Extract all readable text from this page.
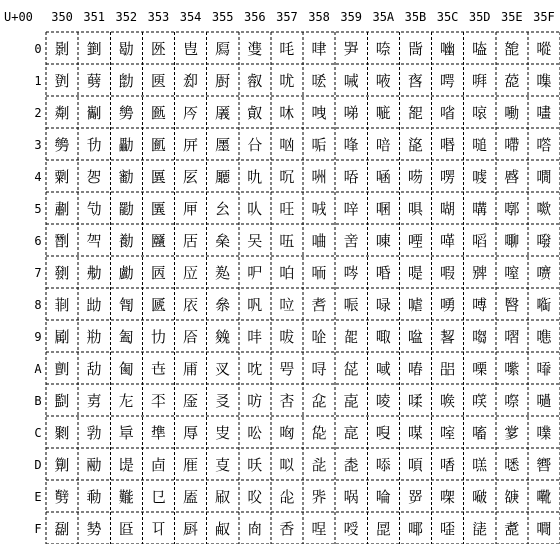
U+00 350 351 352 353 354 355 356 357 358 359 35A 35B 35C 35D 35E 35F
0
1
2
3
4
5
6
7
8
9
A
B
C
D
E
F
㔀
㔁
㔂
㔃
㔄
㔅
㔆
㔇
㔈
㔉
㔊
㔋
㔌
㔍
㔎
㔏
㔐
㔑
㔒
㔓
㔔
㔕
㔖
㔗
㔘
㔙
㔚
㔛
㔜
㔝
㔞
㔟
㔠
㔡
㔢
㔣
㔤
㔥
㔦
㔧
㔨
㔩
㔪
㔫
㔬
㔭
㔮
㔯
㔰
㔱
㔲
㔳
㔴
㔵
㔶
㔷
㔸
㔹
㔺
㔻
㔼
㔽
㔾
㔿
㕀
㕁
㕂
㕃
㕄
㕅
㕆
㕇
㕈
㕉
㕊
㕋
㕌
㕍
㕎
㕏
㕐
㕑
㕒
㕓
㕔
㕕
㕖
㕗
㕘
㕙
㕚
㕛
㕜
㕝
㕞
㕟
㕠
㕡
㕢
㕣
㕤
㕥
㕦
㕧
㕨
㕩
㕪
㕫
㕬
㕭
㕮
㕯
㕰
㕱
㕲
㕳
㕴
㕵
㕶
㕷
㕸
㕹
㕺
㕻
㕼
㕽
㕾
㕿
㖀
㖁
㖂
㖃
㖄
㖅
㖆
㖇
㖈
㖉
㖊
㖋
㖌
㖍
㖎
㖏
㖐
㖑
㖒
㖓
㖔
㖕
㖖
㖗
㖘
㖙
㖚
㖛
㖜
㖝
㖞
㖟
㖠
㖡
㖢
㖣
㖤
㖥
㖦
㖧
㖨
㖩
㖪
㖫
㖬
㖭
㖮
㖯
㖰
㖱
㖲
㖳
㖴
㖵
㖶
㖷
㖸
㖹
㖺
㖻
㖼
㖽
㖾
㖿
㗀
㗁
㗂
㗃
㗄
㗅
㗆
㗇
㗈
㗉
㗊
㗋
㗌
㗍
㗎
㗏
㗐
㗑
㗒
㗓
㗔
㗕
㗖
㗗
㗘
㗙
㗚
㗛
㗜
㗝
㗞
㗟
㗠
㗡
㗢
㗣
㗤
㗥
㗦
㗧
㗨
㗩
㗪
㗫
㗬
㗭
㗮
㗯
㗰
㗱
㗲
㗳
㗴
㗵
㗶
㗷
㗸
㗹
㗺
㗻
㗼
㗽
㗾
㗿
